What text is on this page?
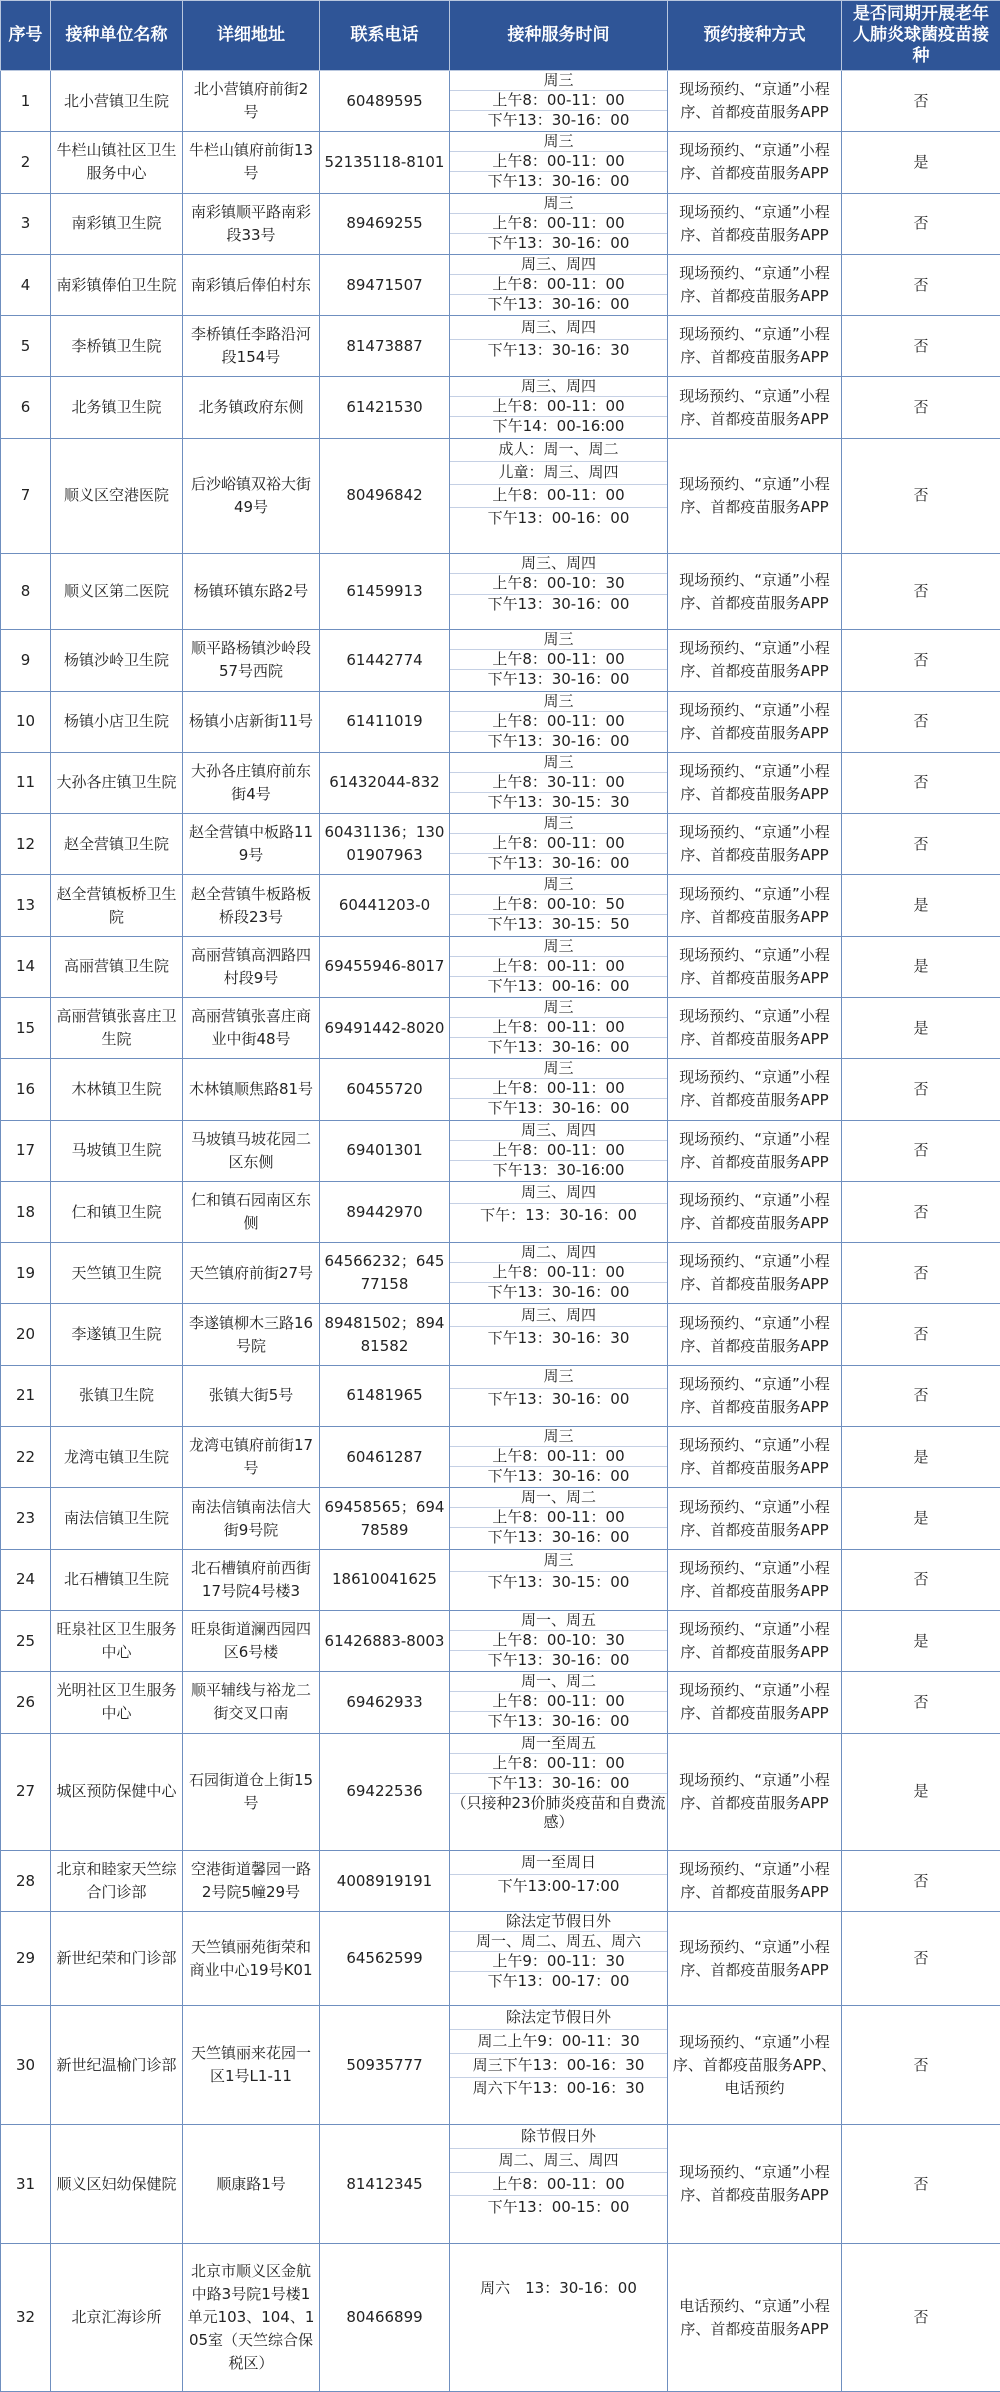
序号	接种单位名称	详细地址	联系电话	接种服务时间	预约接种方式	是否同期开展老年人肺炎球菌疫苗接种
1	北小营镇卫生院	北小营镇府前街2号	60489595	周三
上午8：00-11：00
下午13：30-16：00	现场预约、“京通”小程序、首都疫苗服务APP	否
2	牛栏山镇社区卫生服务中心	牛栏山镇府前街13号	52135118-8101	周三
上午8：00-11：00
下午13：30-16：00	现场预约、“京通”小程序、首都疫苗服务APP	是
3	南彩镇卫生院	南彩镇顺平路南彩段33号	89469255	周三
上午8：00-11：00
下午13：30-16：00	现场预约、“京通”小程序、首都疫苗服务APP	否
4	南彩镇俸伯卫生院	南彩镇后俸伯村东	89471507	周三、周四
上午8：00-11：00
下午13：30-16：00	现场预约、“京通”小程序、首都疫苗服务APP	否
5	李桥镇卫生院	李桥镇任李路沿河段154号	81473887	周三、周四
下午13：30-16：30	现场预约、“京通”小程序、首都疫苗服务APP	否
6	北务镇卫生院	北务镇政府东侧	61421530	周三、周四
上午8：00-11：00
下午14：00-16:00	现场预约、“京通”小程序、首都疫苗服务APP	否
7	顺义区空港医院	后沙峪镇双裕大街49号	80496842	成人：周一、周二
儿童：周三、周四
上午8：00-11：00
下午13：00-16：00	现场预约、“京通”小程序、首都疫苗服务APP	否
8	顺义区第二医院	杨镇环镇东路2号	61459913	周三、周四
上午8：00-10：30
下午13：30-16：00	现场预约、“京通”小程序、首都疫苗服务APP	否
9	杨镇沙岭卫生院	顺平路杨镇沙岭段57号西院	61442774	周三
上午8：00-11：00
下午13：30-16：00	现场预约、“京通”小程序、首都疫苗服务APP	否
10	杨镇小店卫生院	杨镇小店新街11号	61411019	周三
上午8：00-11：00
下午13：30-16：00	现场预约、“京通”小程序、首都疫苗服务APP	否
11	大孙各庄镇卫生院	大孙各庄镇府前东街4号	61432044-832	周三
上午8：30-11：00
下午13：30-15：30	现场预约、“京通”小程序、首都疫苗服务APP	否
12	赵全营镇卫生院	赵全营镇中板路119号	60431136；13001907963	周三
上午8：00-11：00
下午13：30-16：00	现场预约、“京通”小程序、首都疫苗服务APP	否
13	赵全营镇板桥卫生院	赵全营镇牛板路板桥段23号	60441203-0	周三
上午8：00-10：50
下午13：30-15：50	现场预约、“京通”小程序、首都疫苗服务APP	是
14	高丽营镇卫生院	高丽营镇高泗路四村段9号	69455946-8017	周三
上午8：00-11：00
下午13：00-16：00	现场预约、“京通”小程序、首都疫苗服务APP	是
15	高丽营镇张喜庄卫生院	高丽营镇张喜庄商业中街48号	69491442-8020	周三
上午8：00-11：00
下午13：30-16：00	现场预约、“京通”小程序、首都疫苗服务APP	是
16	木林镇卫生院	木林镇顺焦路81号	60455720	周三
上午8：00-11：00
下午13：30-16：00	现场预约、“京通”小程序、首都疫苗服务APP	否
17	马坡镇卫生院	马坡镇马坡花园二区东侧	69401301	周三、周四
上午8：00-11：00
下午13：30-16:00	现场预约、“京通”小程序、首都疫苗服务APP	否
18	仁和镇卫生院	仁和镇石园南区东侧	89442970	周三、周四
下午：13：30-16：00	现场预约、“京通”小程序、首都疫苗服务APP	否
19	天竺镇卫生院	天竺镇府前街27号	64566232；64577158	周二、周四
上午8：00-11：00
下午13：30-16：00	现场预约、“京通”小程序、首都疫苗服务APP	否
20	李遂镇卫生院	李遂镇柳木三路16号院	89481502；89481582	周三、周四
下午13：30-16：30	现场预约、“京通”小程序、首都疫苗服务APP	否
21	张镇卫生院	张镇大街5号	61481965	周三
下午13：30-16：00	现场预约、“京通”小程序、首都疫苗服务APP	否
22	龙湾屯镇卫生院	龙湾屯镇府前街17号	60461287	周三
上午8：00-11：00
下午13：30-16：00	现场预约、“京通”小程序、首都疫苗服务APP	是
23	南法信镇卫生院	南法信镇南法信大街9号院	69458565；69478589	周一、周二
上午8：00-11：00
下午13：30-16：00	现场预约、“京通”小程序、首都疫苗服务APP	是
24	北石槽镇卫生院	北石槽镇府前西街17号院4号楼3	18610041625	周三
下午13：30-15：00	现场预约、“京通”小程序、首都疫苗服务APP	否
25	旺泉社区卫生服务中心	旺泉街道澜西园四区6号楼	61426883-8003	周一、周五
上午8：00-10：30
下午13：30-16：00	现场预约、“京通”小程序、首都疫苗服务APP	是
26	光明社区卫生服务中心	顺平辅线与裕龙二街交叉口南	69462933	周一、周二
上午8：00-11：00
下午13：30-16：00	现场预约、“京通”小程序、首都疫苗服务APP	否
27	城区预防保健中心	石园街道仓上街15号	69422536	周一至周五
上午8：00-11：00
下午13：30-16：00
（只接种23价肺炎疫苗和自费流感）	现场预约、“京通”小程序、首都疫苗服务APP	是
28	北京和睦家天竺综合门诊部	空港街道馨园一路2号院5幢29号	4008919191	周一至周日
下午13:00-17:00	现场预约、“京通”小程序、首都疫苗服务APP	否
29	新世纪荣和门诊部	天竺镇丽苑街荣和商业中心19号K01	64562599	除法定节假日外
周一、周二、周五、周六
上午9：00-11：30
下午13：00-17：00	现场预约、“京通”小程序、首都疫苗服务APP	否
30	新世纪温榆门诊部	天竺镇丽来花园一区1号L1-11	50935777	除法定节假日外
周二上午9：00-11：30
周三下午13：00-16：30
周六下午13：00-16：30	现场预约、“京通”小程序、首都疫苗服务APP、电话预约	否
31	顺义区妇幼保健院	顺康路1号	81412345	除节假日外
周二、周三、周四
上午8：00-11：00
下午13：00-15：00	现场预约、“京通”小程序、首都疫苗服务APP	否
32	北京汇海诊所	北京市顺义区金航中路3号院1号楼1单元103、104、105室（天竺综合保税区）	80466899	周六　13：30-16：00	电话预约、“京通”小程序、首都疫苗服务APP	否
